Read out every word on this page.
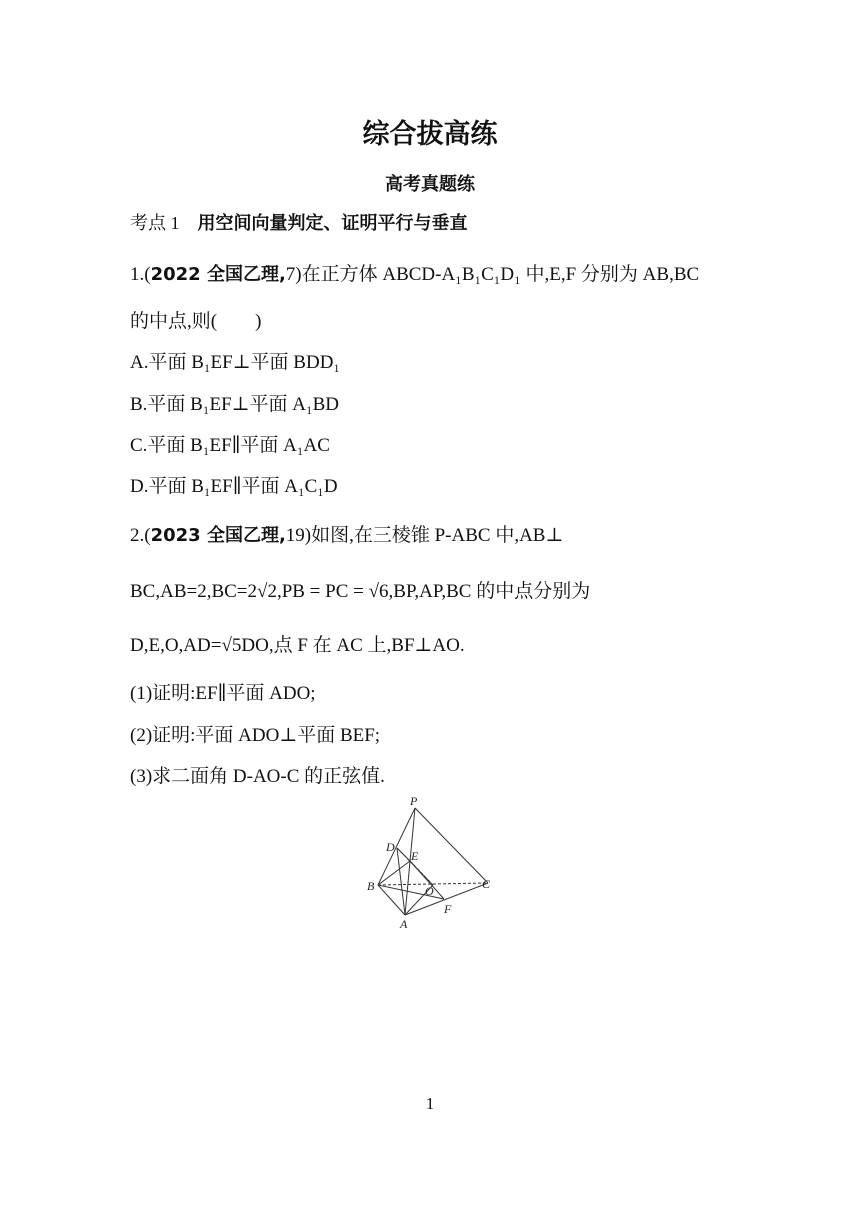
综合拔高练
高考真题练
考点 1 用空间向量判定、证明平行与垂直
1.(2022 全国乙理,7)在正方体 ABCD-A₁B₁C₁D₁ 中,E,F 分别为 AB,BC
的中点,则(　　)
A.平面 B₁EF⊥平面 BDD₁
B.平面 B₁EF⊥平面 A₁BD
C.平面 B₁EF∥平面 A₁AC
D.平面 B₁EF∥平面 A₁C₁D
2.(2023 全国乙理,19)如图,在三棱锥 P-ABC 中,AB⊥
BC,AB=2,BC=2√2,PB = PC = √6,BP,AP,BC 的中点分别为
D,E,O,AD=√5DO,点 F 在 AC 上,BF⊥AO.
(1)证明:EF∥平面 ADO;
(2)证明:平面 ADO⊥平面 BEF;
(3)求二面角 D-AO-C 的正弦值.
P
D
E
B	O	C
F
A
1
